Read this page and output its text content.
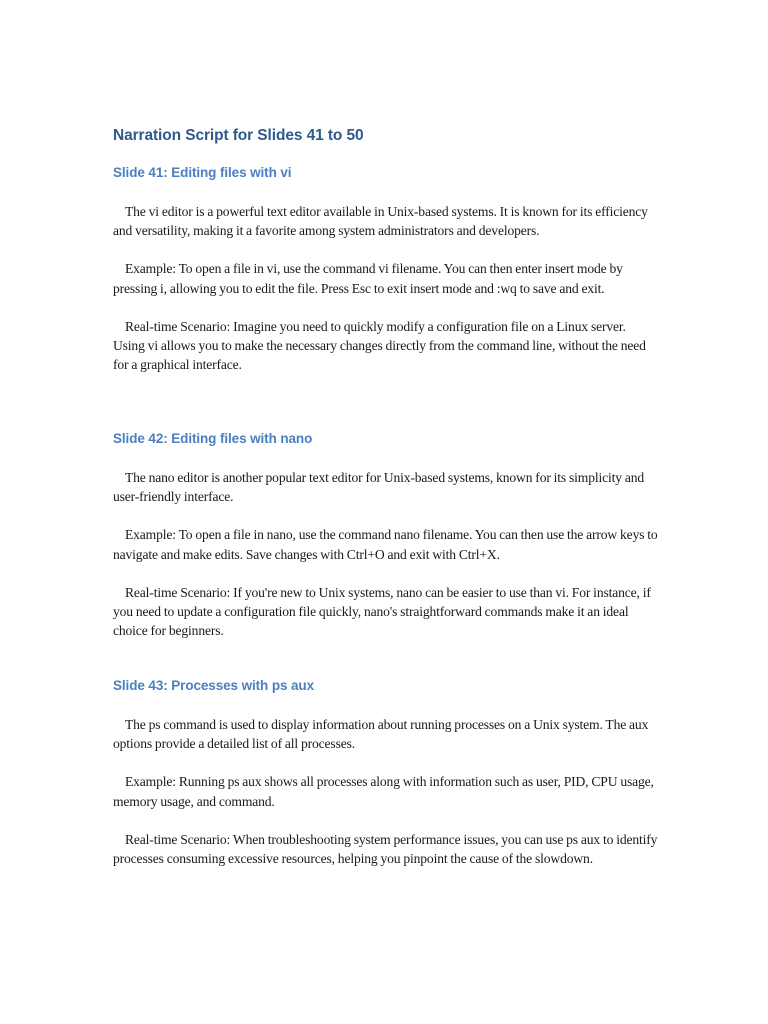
Narration Script for Slides 41 to 50
Slide 41: Editing files with vi

The vi editor is a powerful text editor available in Unix-based systems. It is known for its efficiency and versatility, making it a favorite among system administrators and developers.

Example: To open a file in vi, use the command vi filename. You can then enter insert mode by pressing i, allowing you to edit the file. Press Esc to exit insert mode and :wq to save and exit.

Real-time Scenario: Imagine you need to quickly modify a configuration file on a Linux server. Using vi allows you to make the necessary changes directly from the command line, without the need for a graphical interface.

Slide 42: Editing files with nano

The nano editor is another popular text editor for Unix-based systems, known for its simplicity and user-friendly interface.

Example: To open a file in nano, use the command nano filename. You can then use the arrow keys to navigate and make edits. Save changes with Ctrl+O and exit with Ctrl+X.

Real-time Scenario: If you're new to Unix systems, nano can be easier to use than vi. For instance, if you need to update a configuration file quickly, nano's straightforward commands make it an ideal choice for beginners.

Slide 43: Processes with ps aux

The ps command is used to display information about running processes on a Unix system. The aux options provide a detailed list of all processes.

Example: Running ps aux shows all processes along with information such as user, PID, CPU usage, memory usage, and command.

Real-time Scenario: When troubleshooting system performance issues, you can use ps aux to identify processes consuming excessive resources, helping you pinpoint the cause of the slowdown.
